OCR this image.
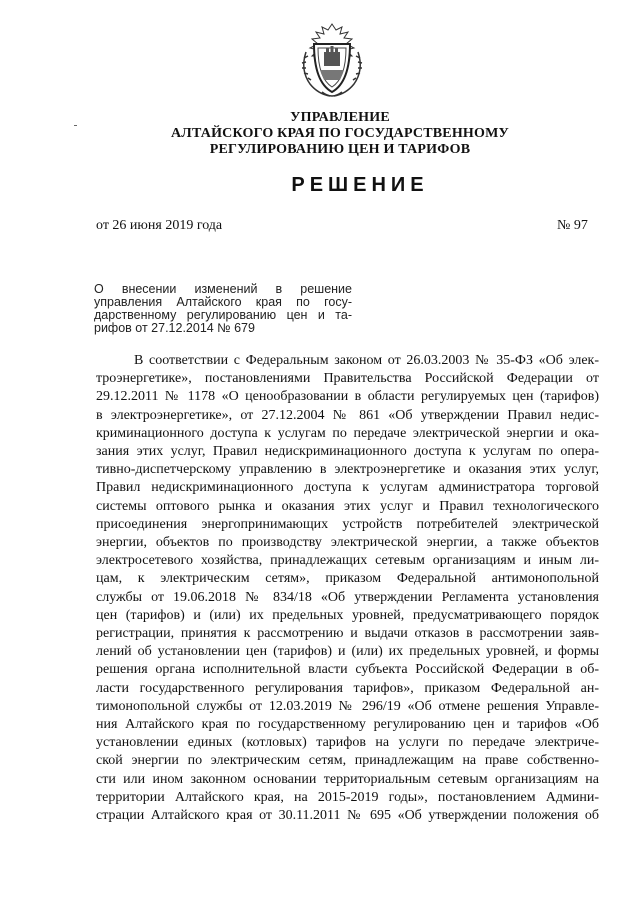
УПРАВЛЕНИЕ
АЛТАЙСКОГО КРАЯ ПО ГОСУДАРСТВЕННОМУ
РЕГУЛИРОВАНИЮ ЦЕН И ТАРИФОВ
РЕШЕНИЕ
от 26 июня 2019 года	№ 97
О внесении изменений в решение
управления Алтайского края по госу-
дарственному регулированию цен и та-
рифов от 27.12.2014 № 679
В соответствии с Федеральным законом от 26.03.2003 № 35-ФЗ «Об элек-
троэнергетике», постановлениями Правительства Российской Федерации от
29.12.2011 № 1178 «О ценообразовании в области регулируемых цен (тарифов)
в электроэнергетике», от 27.12.2004 № 861 «Об утверждении Правил недис-
криминационного доступа к услугам по передаче электрической энергии и ока-
зания этих услуг, Правил недискриминационного доступа к услугам по опера-
тивно-диспетчерскому управлению в электроэнергетике и оказания этих услуг,
Правил недискриминационного доступа к услугам администратора торговой
системы оптового рынка и оказания этих услуг и Правил технологического
присоединения энергопринимающих устройств потребителей электрической
энергии, объектов по производству электрической энергии, а также объектов
электросетевого хозяйства, принадлежащих сетевым организациям и иным ли-
цам, к электрическим сетям», приказом Федеральной антимонопольной
службы от 19.06.2018 № 834/18 «Об утверждении Регламента установления
цен (тарифов) и (или) их предельных уровней, предусматривающего порядок
регистрации, принятия к рассмотрению и выдачи отказов в рассмотрении заяв-
лений об установлении цен (тарифов) и (или) их предельных уровней, и формы
решения органа исполнительной власти субъекта Российской Федерации в об-
ласти государственного регулирования тарифов», приказом Федеральной ан-
тимонопольной службы от 12.03.2019 № 296/19 «Об отмене решения Управле-
ния Алтайского края по государственному регулированию цен и тарифов «Об
установлении единых (котловых) тарифов на услуги по передаче электриче-
ской энергии по электрическим сетям, принадлежащим на праве собственно-
сти или ином законном основании территориальным сетевым организациям на
территории Алтайского края, на 2015-2019 годы», постановлением Админи-
страции Алтайского края от 30.11.2011 № 695 «Об утверждении положения об
